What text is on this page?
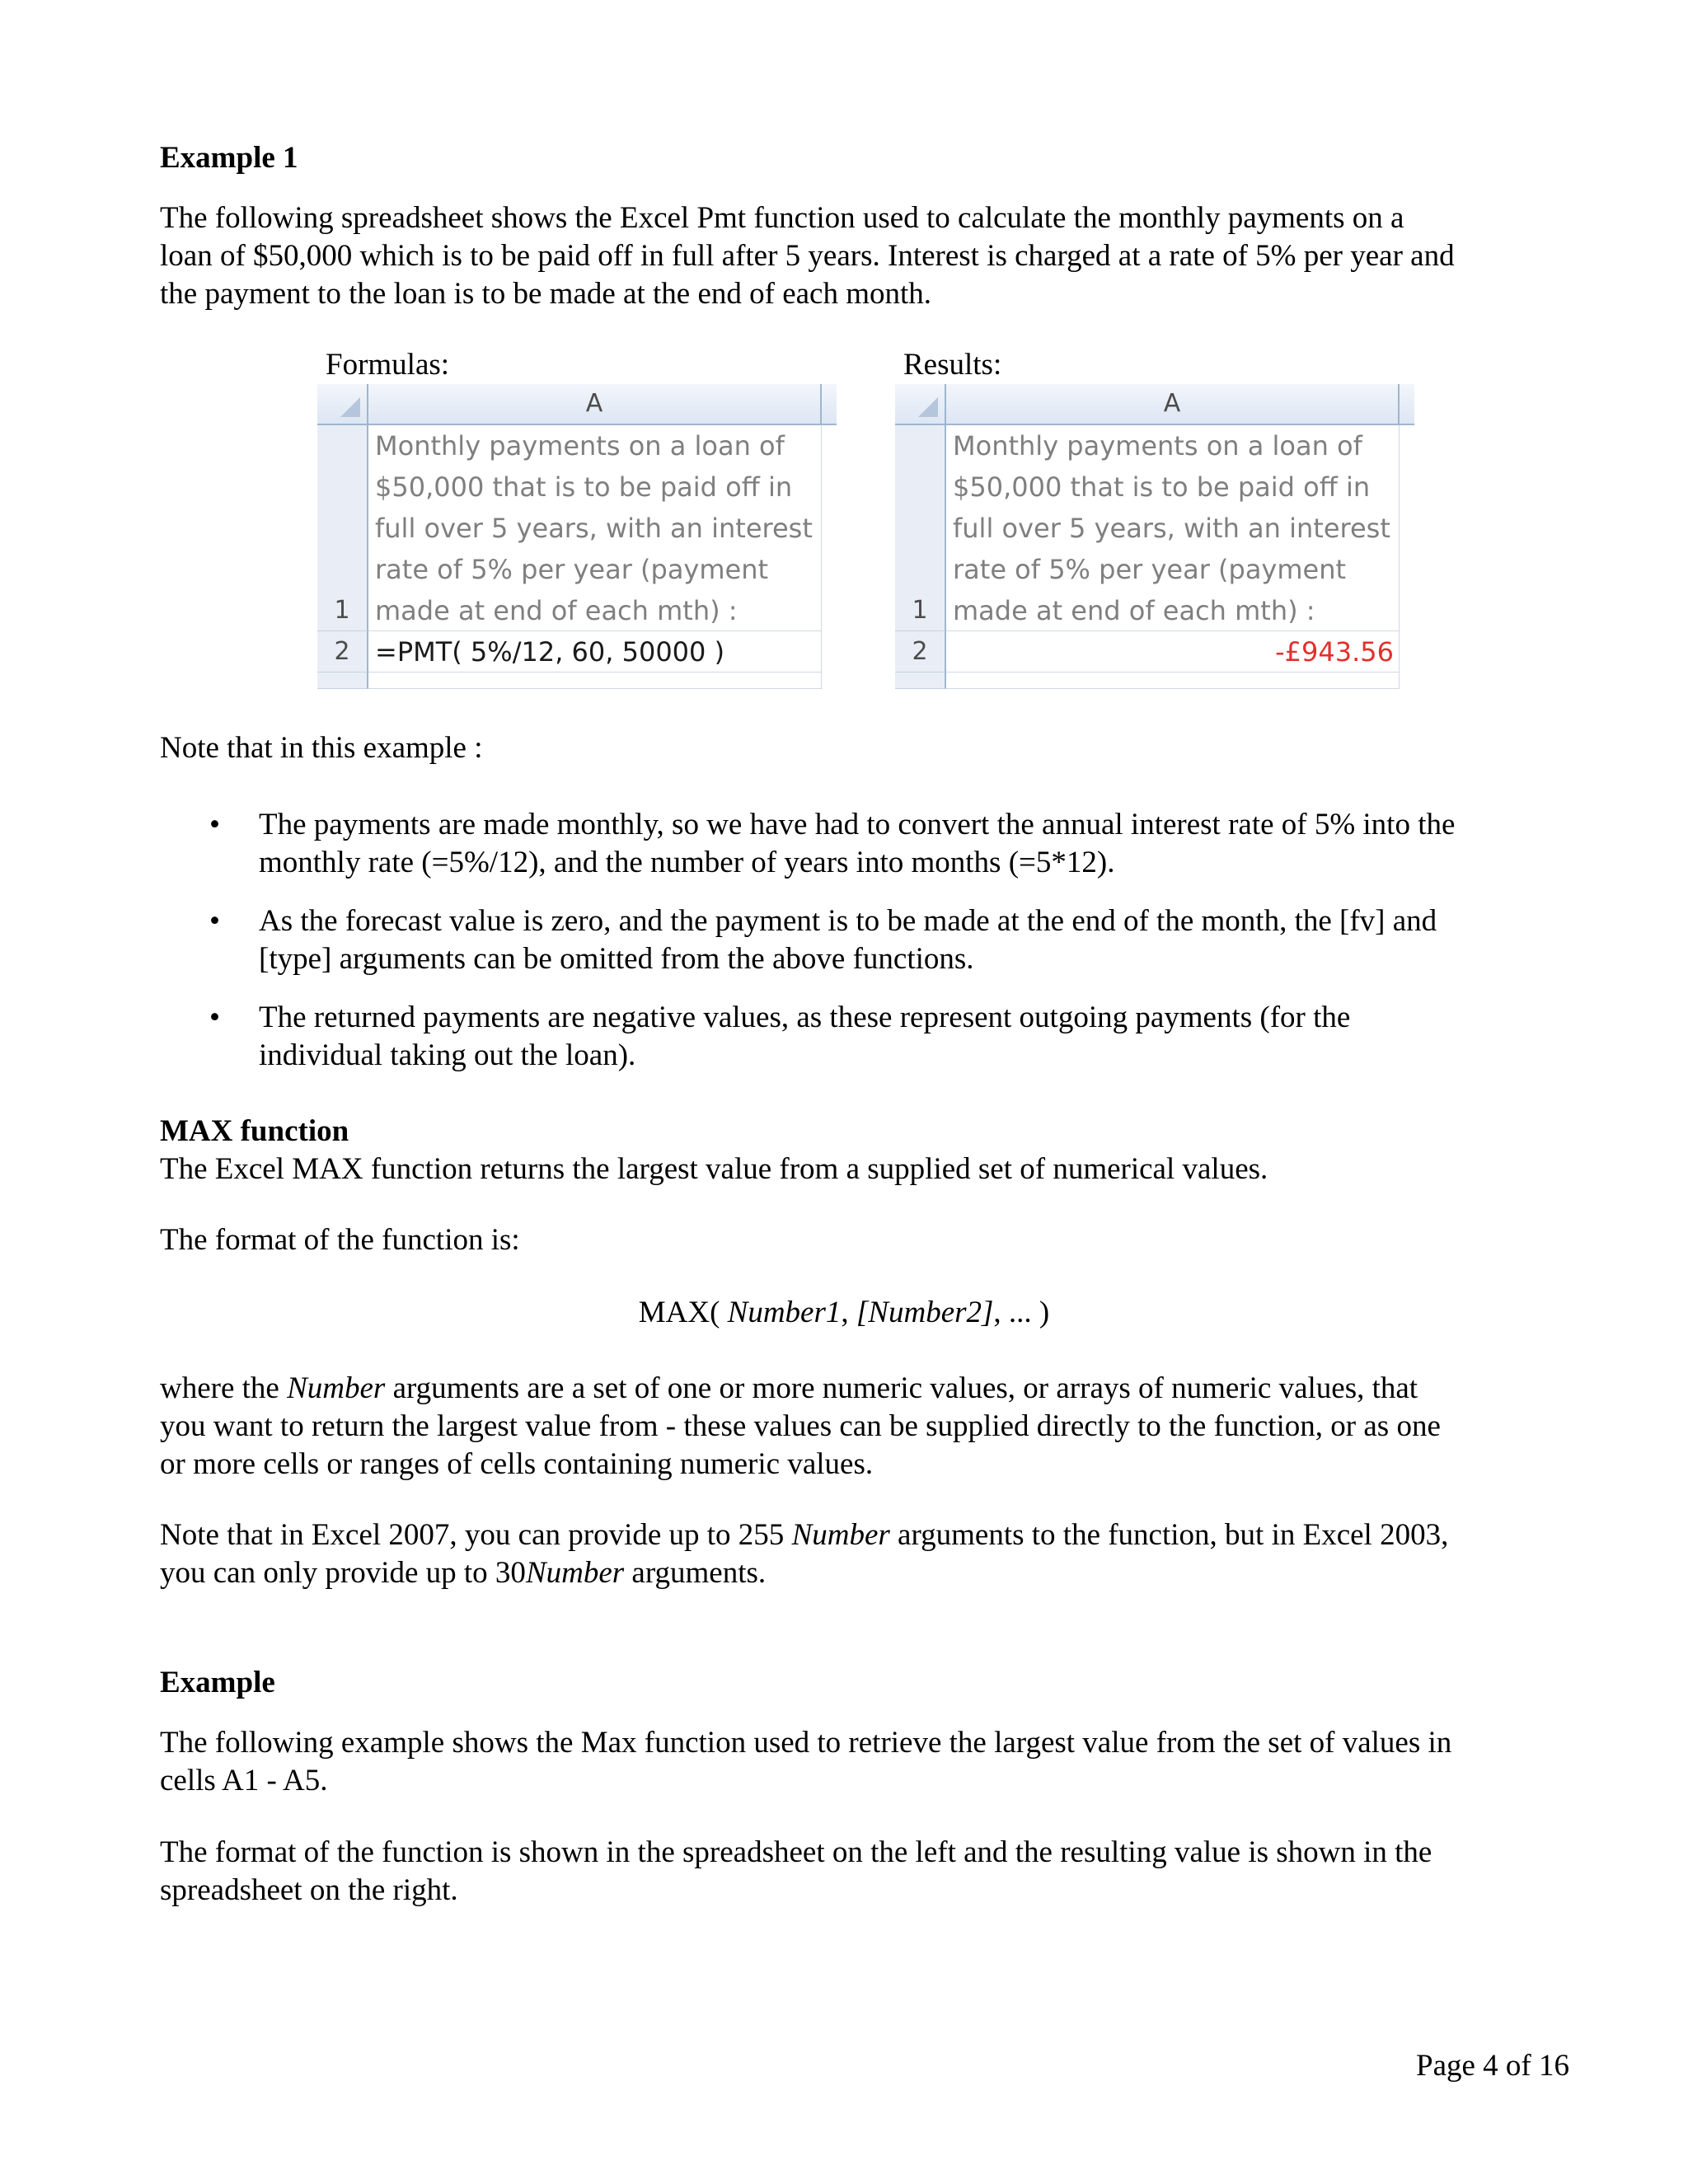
Example 1
The following spreadsheet shows the Excel Pmt function used to calculate the monthly payments on a
loan of $50,000 which is to be paid off in full after 5 years. Interest is charged at a rate of 5% per year and
the payment to the loan is to be made at the end of each month.
Formulas:	Results:
A
1
Monthly payments on a loan of
$50,000 that is to be paid off in
full over 5 years, with an interest
rate of 5% per year (payment
made at end of each mth) :
2 =PMT( 5%/12, 60, 50000 )
A
1
Monthly payments on a loan of
$50,000 that is to be paid off in
full over 5 years, with an interest
rate of 5% per year (payment
made at end of each mth) :
2	-£943.56
Note that in this example :
• The payments are made monthly, so we have had to convert the annual interest rate of 5% into the
monthly rate (=5%/12), and the number of years into months (=5*12).
• As the forecast value is zero, and the payment is to be made at the end of the month, the [fv] and
[type] arguments can be omitted from the above functions.
• The returned payments are negative values, as these represent outgoing payments (for the
individual taking out the loan).
MAX function
The Excel MAX function returns the largest value from a supplied set of numerical values.
The format of the function is:
MAX( Number1, [Number2], ... )
where the Number arguments are a set of one or more numeric values, or arrays of numeric values, that
you want to return the largest value from - these values can be supplied directly to the function, or as one
or more cells or ranges of cells containing numeric values.
Note that in Excel 2007, you can provide up to 255 Number arguments to the function, but in Excel 2003,
you can only provide up to 30Number arguments.
Example
The following example shows the Max function used to retrieve the largest value from the set of values in
cells A1 - A5.
The format of the function is shown in the spreadsheet on the left and the resulting value is shown in the
spreadsheet on the right.
Page 4 of 16
